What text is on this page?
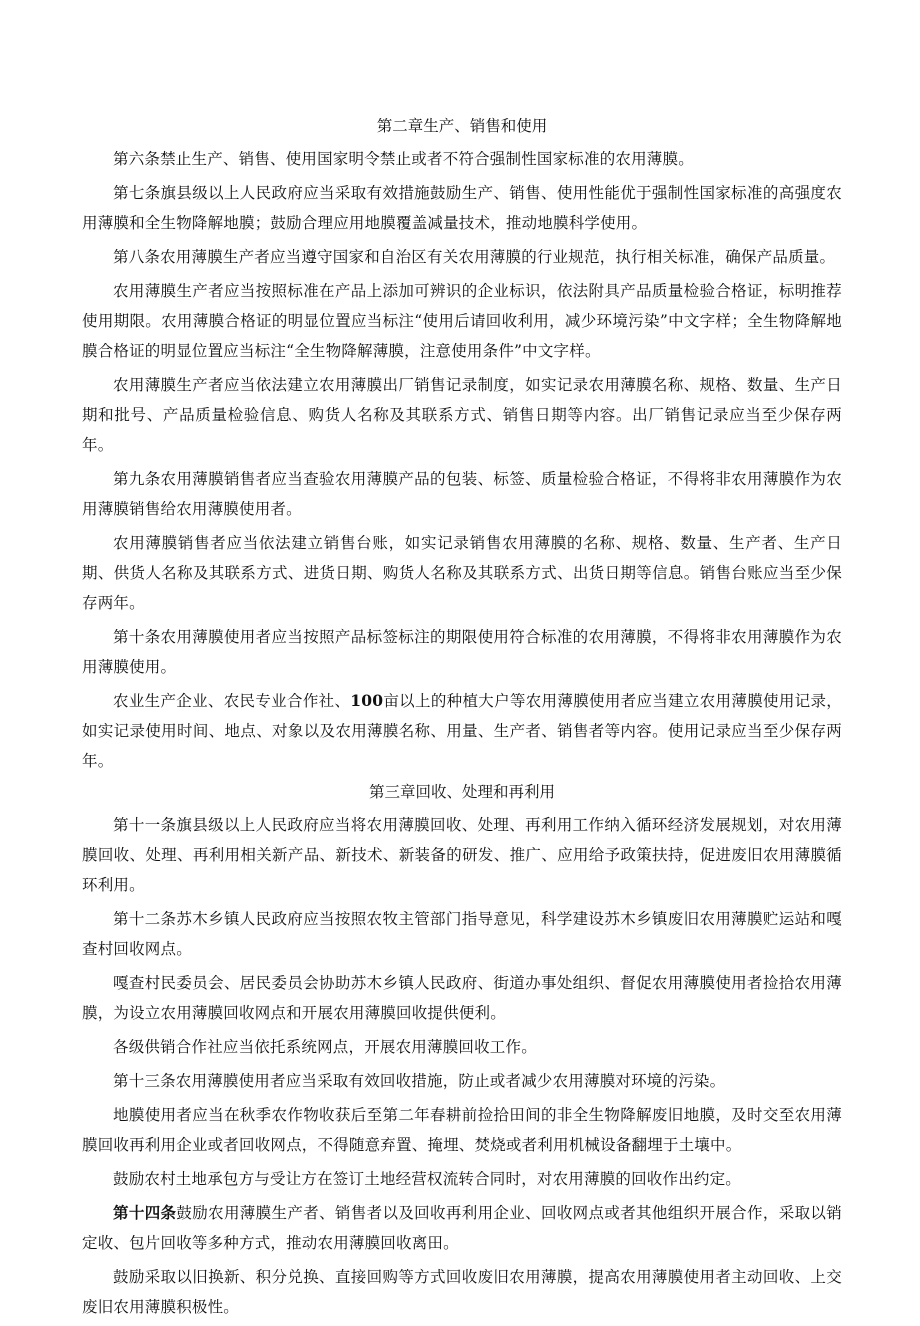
第二章生产、销售和使用

第六条禁止生产、销售、使用国家明令禁止或者不符合强制性国家标准的农用薄膜。

第七条旗县级以上人民政府应当采取有效措施鼓励生产、销售、使用性能优于强制性国家标准的高强度农用薄膜和全生物降解地膜；鼓励合理应用地膜覆盖减量技术，推动地膜科学使用。

第八条农用薄膜生产者应当遵守国家和自治区有关农用薄膜的行业规范，执行相关标准，确保产品质量。

农用薄膜生产者应当按照标准在产品上添加可辨识的企业标识，依法附具产品质量检验合格证，标明推荐使用期限。农用薄膜合格证的明显位置应当标注“使用后请回收利用，减少环境污染”中文字样；全生物降解地膜合格证的明显位置应当标注“全生物降解薄膜，注意使用条件”中文字样。

农用薄膜生产者应当依法建立农用薄膜出厂销售记录制度，如实记录农用薄膜名称、规格、数量、生产日期和批号、产品质量检验信息、购货人名称及其联系方式、销售日期等内容。出厂销售记录应当至少保存两年。

第九条农用薄膜销售者应当查验农用薄膜产品的包装、标签、质量检验合格证，不得将非农用薄膜作为农用薄膜销售给农用薄膜使用者。

农用薄膜销售者应当依法建立销售台账，如实记录销售农用薄膜的名称、规格、数量、生产者、生产日期、供货人名称及其联系方式、进货日期、购货人名称及其联系方式、出货日期等信息。销售台账应当至少保存两年。

第十条农用薄膜使用者应当按照产品标签标注的期限使用符合标准的农用薄膜，不得将非农用薄膜作为农用薄膜使用。

农业生产企业、农民专业合作社、100亩以上的种植大户等农用薄膜使用者应当建立农用薄膜使用记录，如实记录使用时间、地点、对象以及农用薄膜名称、用量、生产者、销售者等内容。使用记录应当至少保存两年。

第三章回收、处理和再利用

第十一条旗县级以上人民政府应当将农用薄膜回收、处理、再利用工作纳入循环经济发展规划，对农用薄膜回收、处理、再利用相关新产品、新技术、新装备的研发、推广、应用给予政策扶持，促进废旧农用薄膜循环利用。

第十二条苏木乡镇人民政府应当按照农牧主管部门指导意见，科学建设苏木乡镇废旧农用薄膜贮运站和嘎查村回收网点。

嘎查村民委员会、居民委员会协助苏木乡镇人民政府、街道办事处组织、督促农用薄膜使用者捡拾农用薄膜，为设立农用薄膜回收网点和开展农用薄膜回收提供便利。

各级供销合作社应当依托系统网点，开展农用薄膜回收工作。

第十三条农用薄膜使用者应当采取有效回收措施，防止或者减少农用薄膜对环境的污染。

地膜使用者应当在秋季农作物收获后至第二年春耕前捡拾田间的非全生物降解废旧地膜，及时交至农用薄膜回收再利用企业或者回收网点，不得随意弃置、掩埋、焚烧或者利用机械设备翻埋于土壤中。

鼓励农村土地承包方与受让方在签订土地经营权流转合同时，对农用薄膜的回收作出约定。

第十四条鼓励农用薄膜生产者、销售者以及回收再利用企业、回收网点或者其他组织开展合作，采取以销定收、包片回收等多种方式，推动农用薄膜回收离田。

鼓励采取以旧换新、积分兑换、直接回购等方式回收废旧农用薄膜，提高农用薄膜使用者主动回收、上交废旧农用薄膜积极性。
